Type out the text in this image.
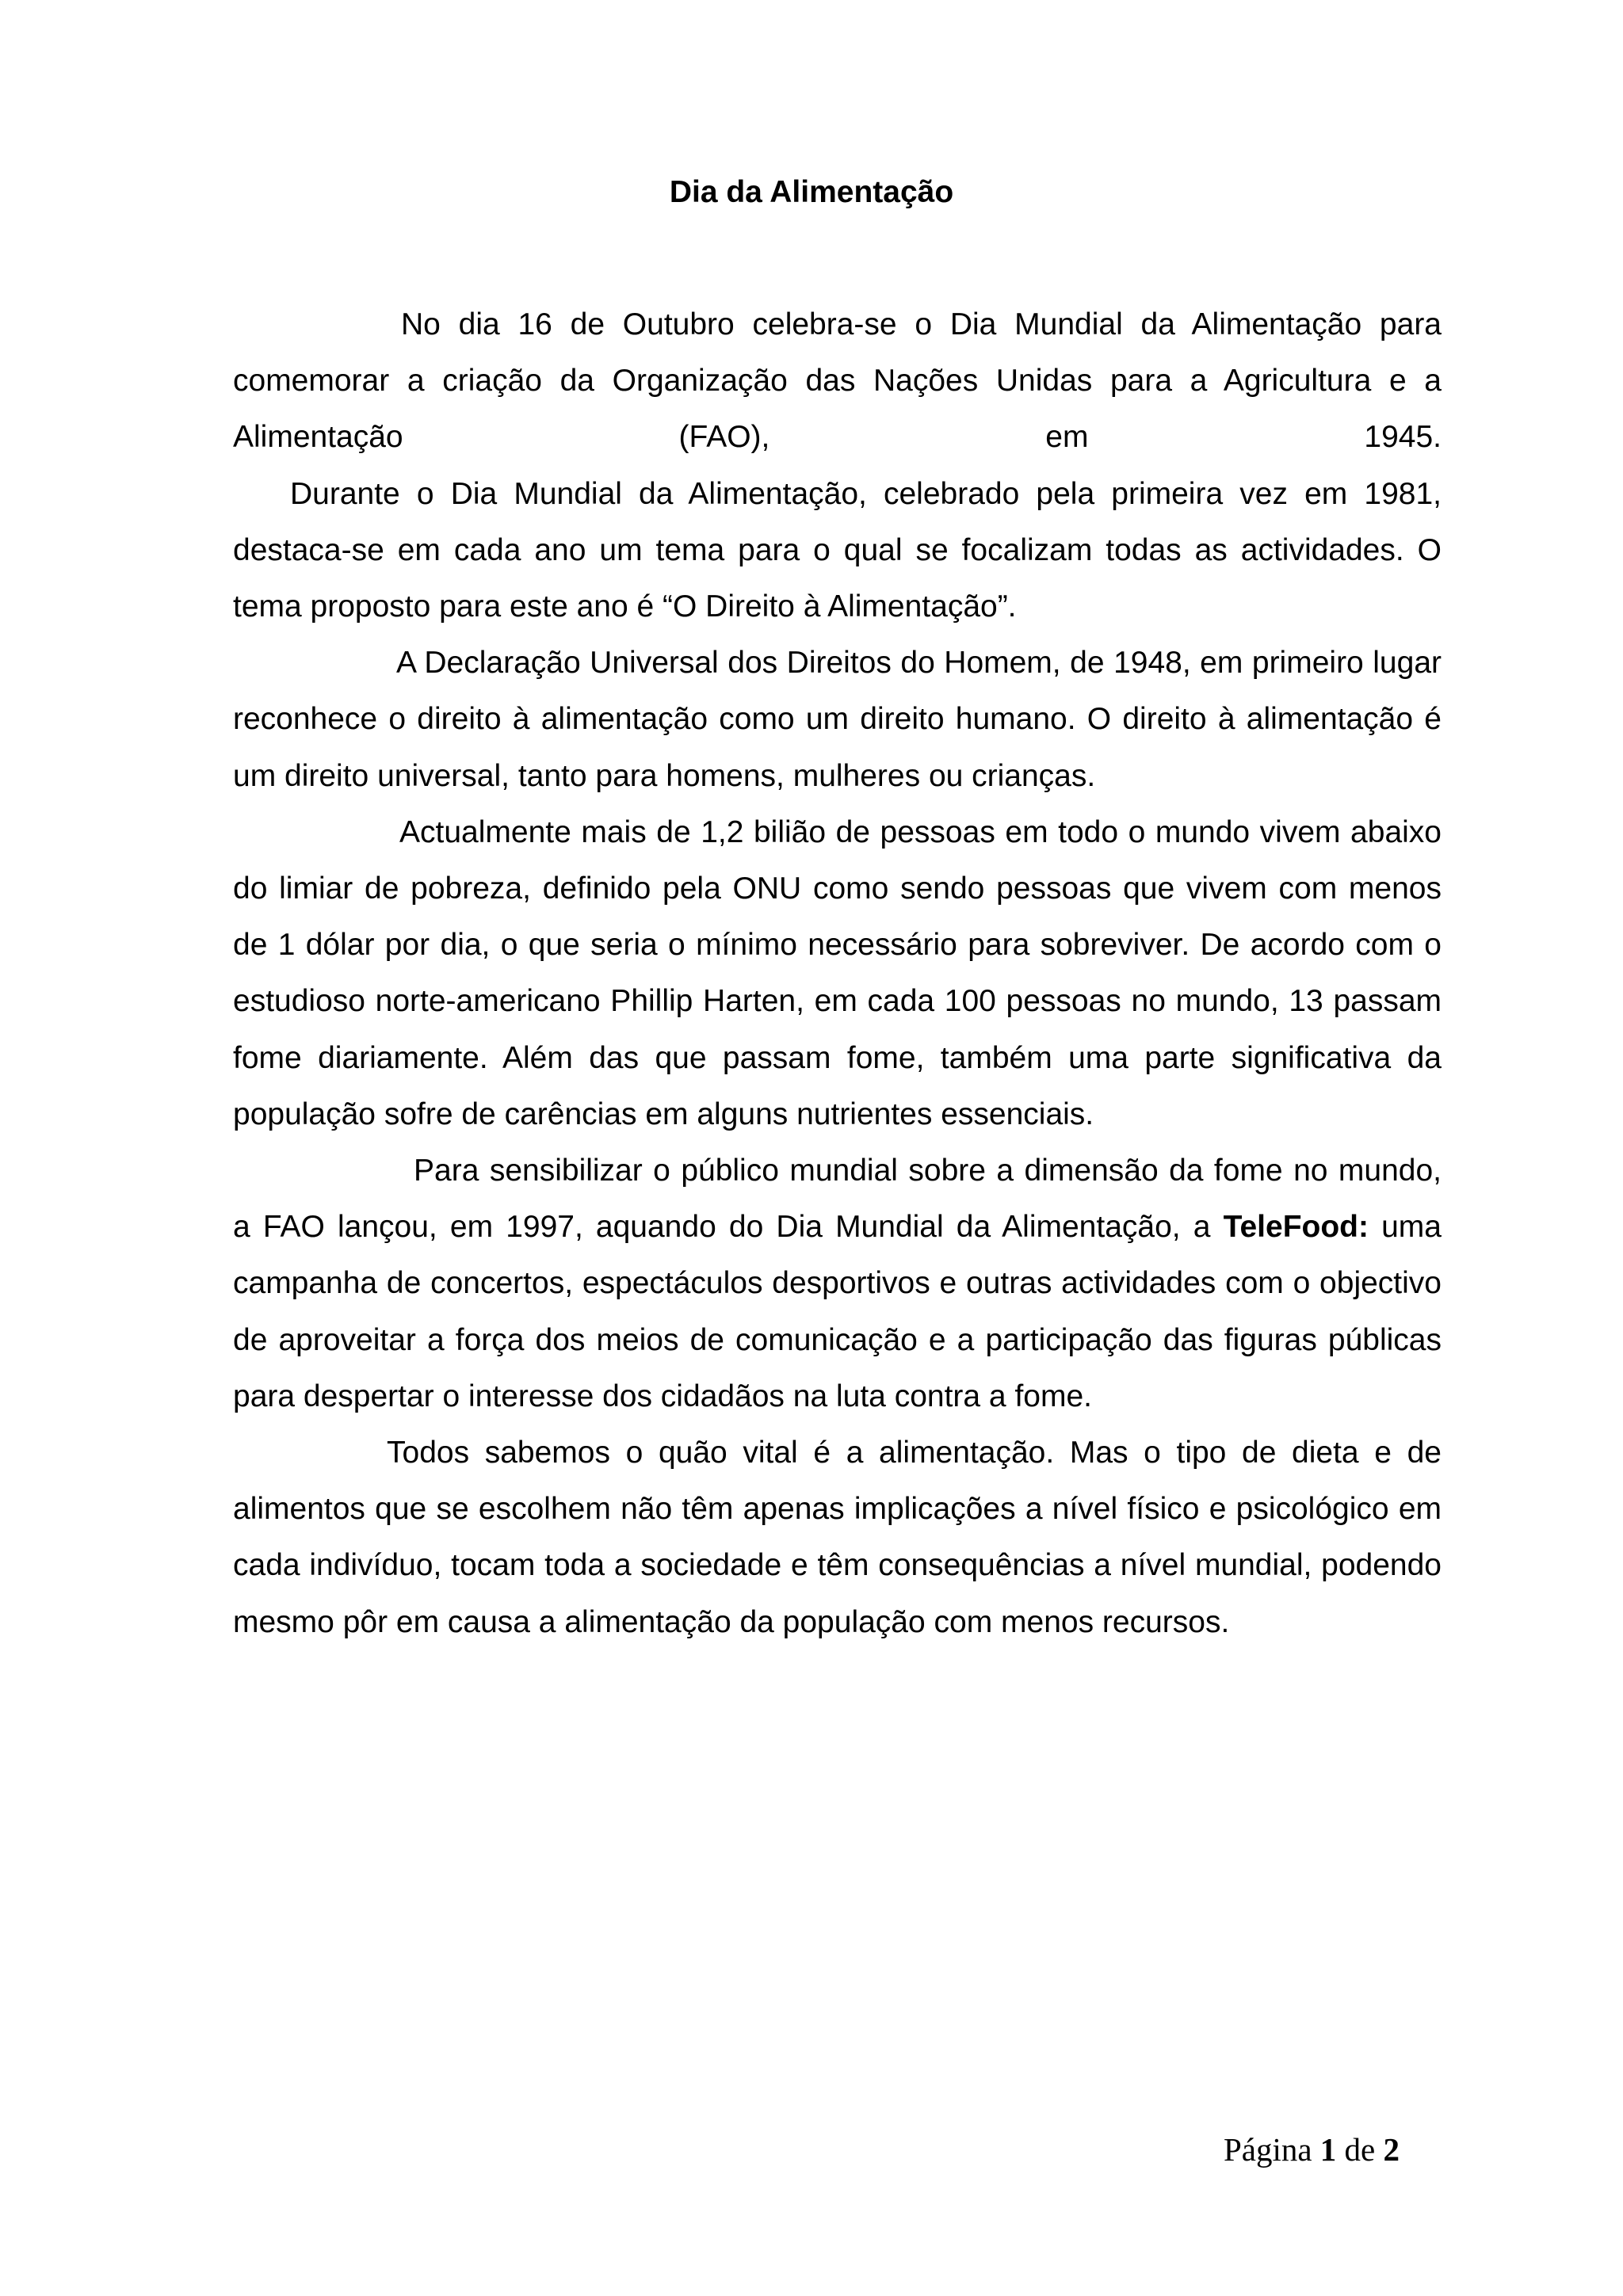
Dia da Alimentação

No dia 16 de Outubro celebra-se o Dia Mundial da Alimentação para comemorar a criação da Organização das Nações Unidas para a Agricultura e a Alimentação (FAO), em 1945.

Durante o Dia Mundial da Alimentação, celebrado pela primeira vez em 1981, destaca-se em cada ano um tema para o qual se focalizam todas as actividades. O tema proposto para este ano é “O Direito à Alimentação”.

A Declaração Universal dos Direitos do Homem, de 1948, em primeiro lugar reconhece o direito à alimentação como um direito humano. O direito à alimentação é um direito universal, tanto para homens, mulheres ou crianças.

Actualmente mais de 1,2 bilião de pessoas em todo o mundo vivem abaixo do limiar de pobreza, definido pela ONU como sendo pessoas que vivem com menos de 1 dólar por dia, o que seria o mínimo necessário para sobreviver. De acordo com o estudioso norte-americano Phillip Harten, em cada 100 pessoas no mundo, 13 passam fome diariamente. Além das que passam fome, também uma parte significativa da população sofre de carências em alguns nutrientes essenciais.

Para sensibilizar o público mundial sobre a dimensão da fome no mundo, a FAO lançou, em 1997, aquando do Dia Mundial da Alimentação, a TeleFood: uma campanha de concertos, espectáculos desportivos e outras actividades com o objectivo de aproveitar a força dos meios de comunicação e a participação das figuras públicas para despertar o interesse dos cidadãos na luta contra a fome.

Todos sabemos o quão vital é a alimentação. Mas o tipo de dieta e de alimentos que se escolhem não têm apenas implicações a nível físico e psicológico em cada indivíduo, tocam toda a sociedade e têm consequências a nível mundial, podendo mesmo pôr em causa a alimentação da população com menos recursos.

Página 1 de 2
